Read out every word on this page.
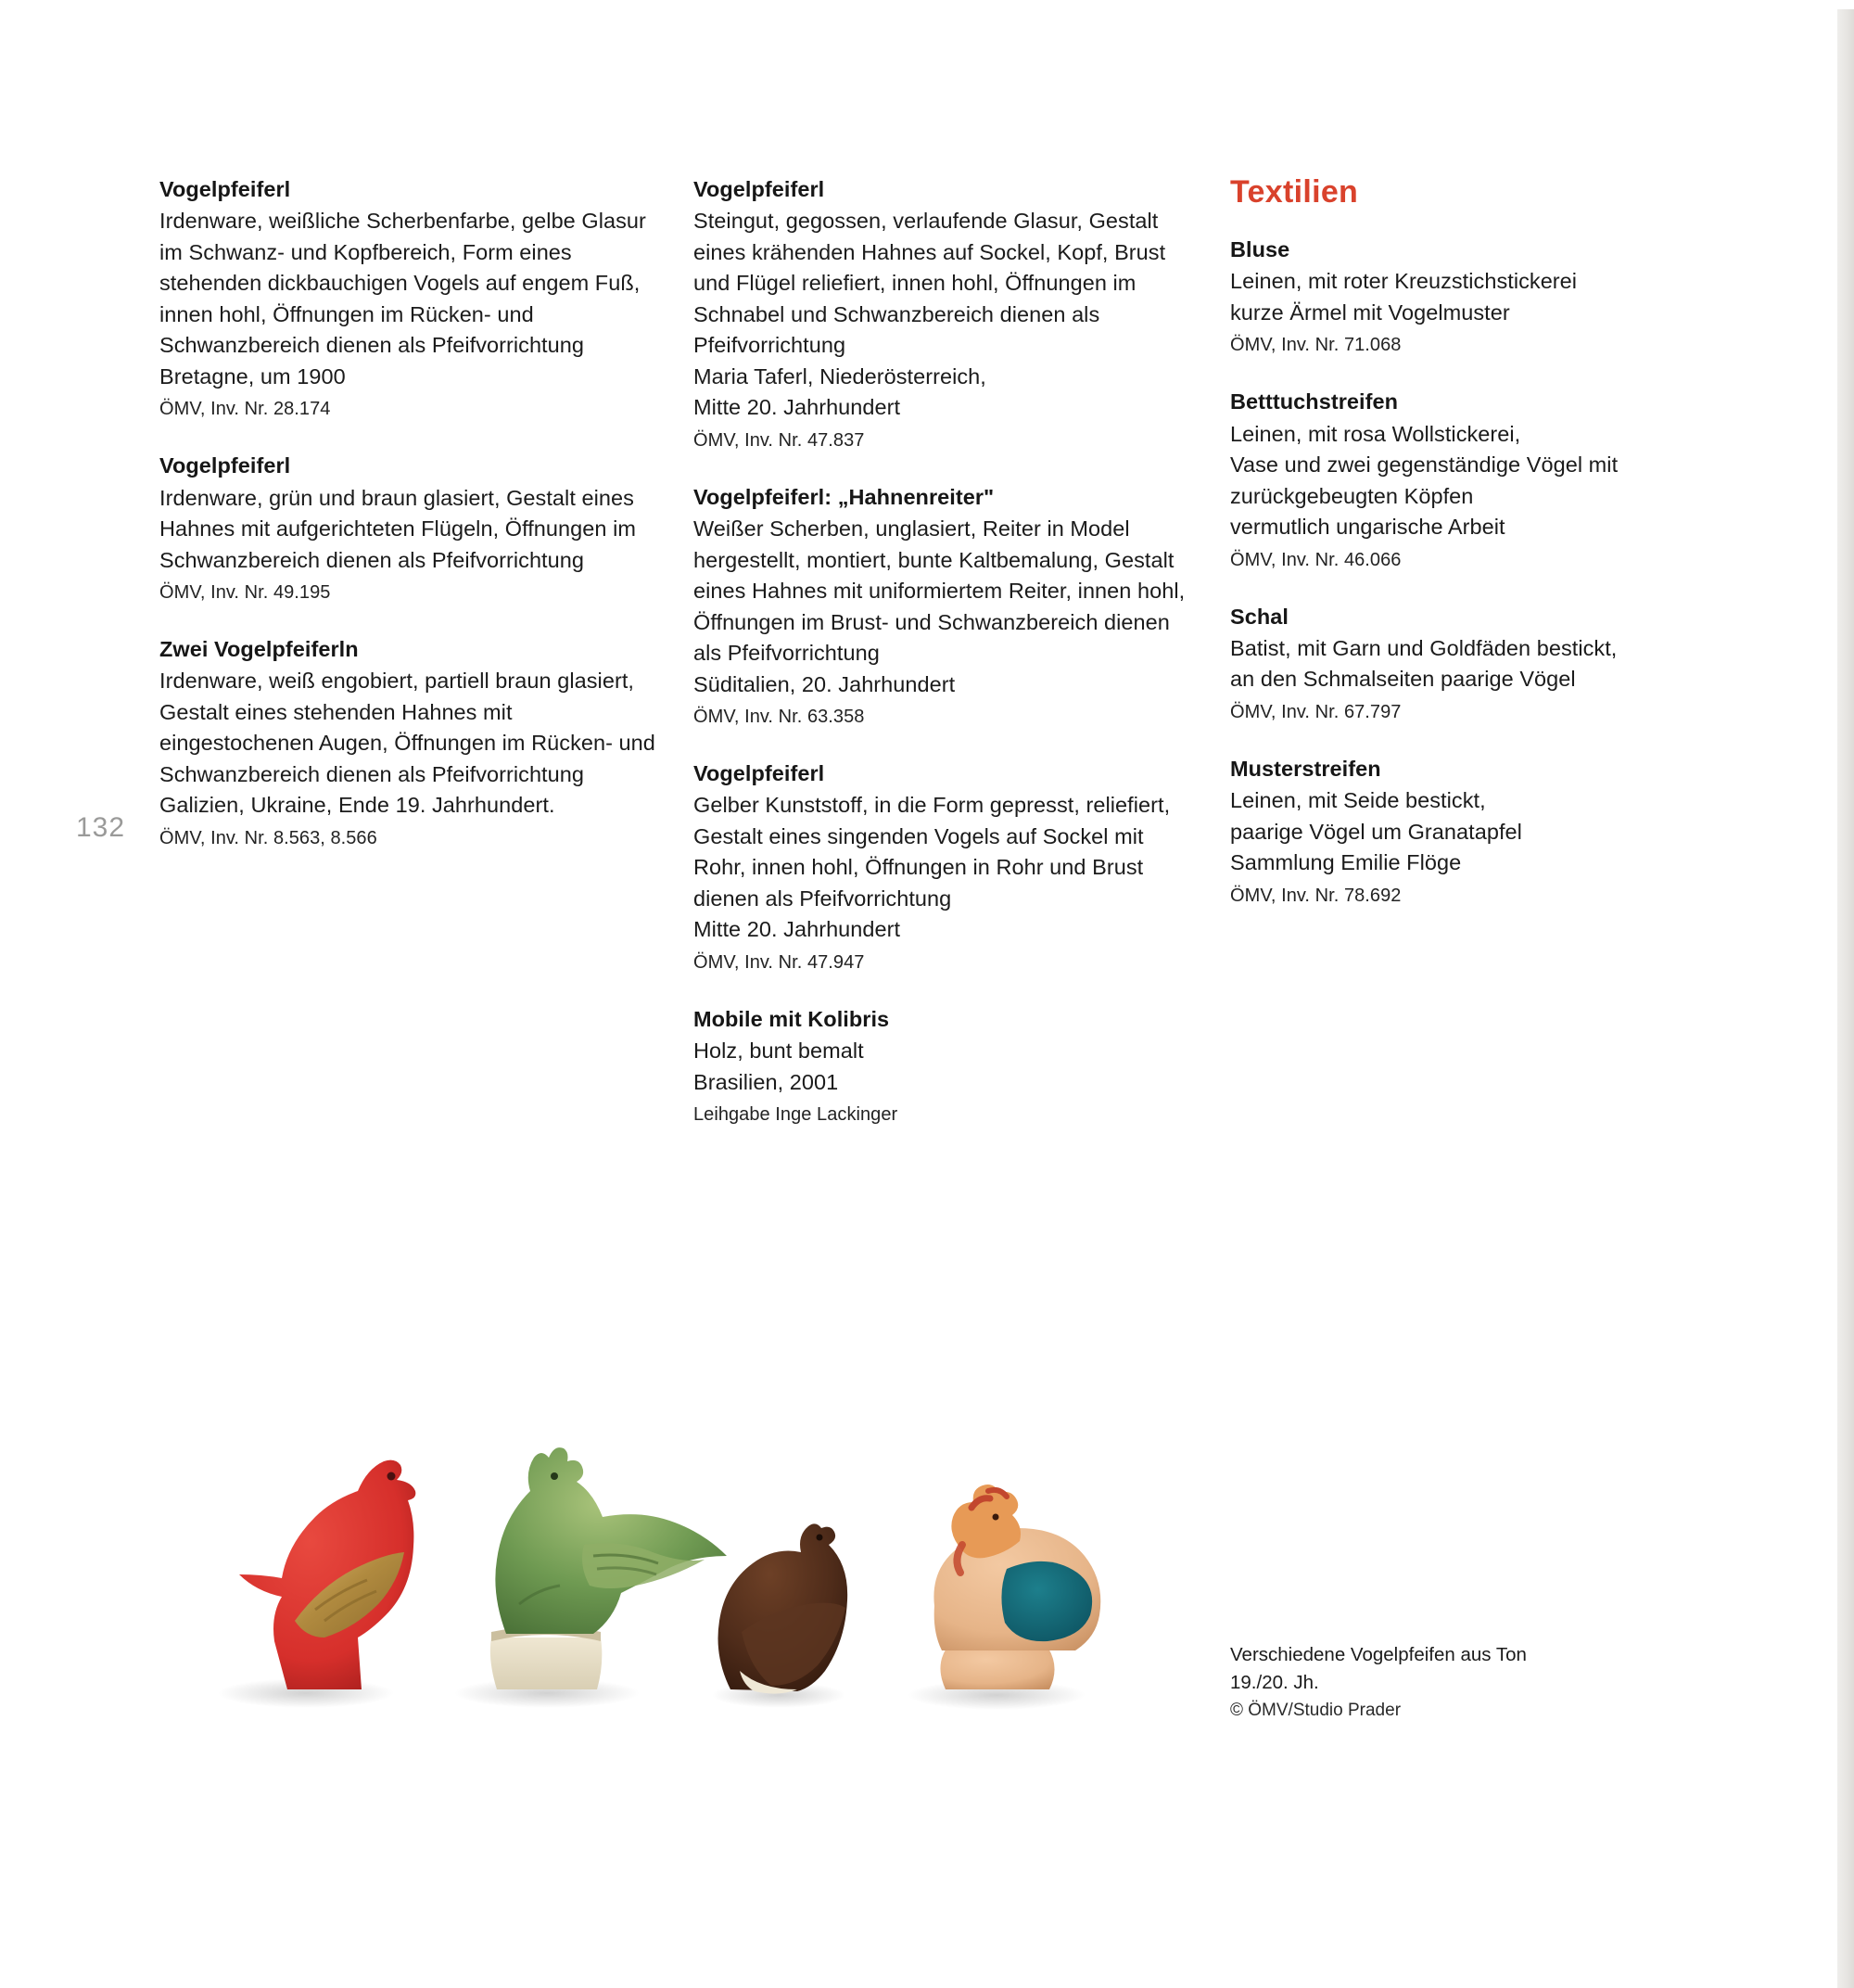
132

Vogelpfeiferl

Irdenware, weißliche Scherbenfarbe, gelbe Glasur im Schwanz- und Kopfbereich, Form eines stehenden dickbauchigen Vogels auf engem Fuß, innen hohl, Öffnungen im Rücken- und Schwanzbereich dienen als Pfeifvorrichtung
Bretagne, um 1900

ÖMV, Inv. Nr. 28.174

Vogelpfeiferl

Irdenware, grün und braun glasiert, Gestalt eines Hahnes mit aufgerichteten Flügeln, Öffnungen im Schwanzbereich dienen als Pfeifvorrichtung

ÖMV, Inv. Nr. 49.195

Zwei Vogelpfeiferln

Irdenware, weiß engobiert, partiell braun glasiert, Gestalt eines stehenden Hahnes mit eingestochenen Augen, Öffnungen im Rücken- und Schwanzbereich dienen als Pfeifvorrichtung
Galizien, Ukraine, Ende 19. Jahrhundert.

ÖMV, Inv. Nr. 8.563, 8.566

Vogelpfeiferl

Steingut, gegossen, verlaufende Glasur, Gestalt eines krähenden Hahnes auf Sockel, Kopf, Brust und Flügel reliefiert, innen hohl, Öffnungen im Schnabel und Schwanzbereich dienen als Pfeifvorrichtung
Maria Taferl, Niederösterreich,
Mitte 20. Jahrhundert

ÖMV, Inv. Nr. 47.837

Vogelpfeiferl: „Hahnenreiter"

Weißer Scherben, unglasiert, Reiter in Model hergestellt, montiert, bunte Kaltbemalung, Gestalt eines Hahnes mit uniformiertem Reiter, innen hohl, Öffnungen im Brust- und Schwanzbereich dienen als Pfeifvorrichtung
Süditalien, 20. Jahrhundert

ÖMV, Inv. Nr. 63.358

Vogelpfeiferl

Gelber Kunststoff, in die Form gepresst, reliefiert, Gestalt eines singenden Vogels auf Sockel mit Rohr, innen hohl, Öffnungen in Rohr und Brust dienen als Pfeifvorrichtung
Mitte 20. Jahrhundert

ÖMV, Inv. Nr. 47.947

Mobile mit Kolibris

Holz, bunt bemalt
Brasilien, 2001

Leihgabe Inge Lackinger

Textilien

Bluse

Leinen, mit roter Kreuzstichstickerei
kurze Ärmel mit Vogelmuster

ÖMV, Inv. Nr. 71.068

Betttuchstreifen

Leinen, mit rosa Wollstickerei,
Vase und zwei gegenständige Vögel mit zurückgebeugten Köpfen
vermutlich ungarische Arbeit

ÖMV, Inv. Nr. 46.066

Schal

Batist, mit Garn und Goldfäden bestickt,
an den Schmalseiten paarige Vögel

ÖMV, Inv. Nr. 67.797

Musterstreifen

Leinen, mit Seide bestickt,
paarige Vögel um Granatapfel
Sammlung Emilie Flöge

ÖMV, Inv. Nr. 78.692

Verschiedene Vogelpfeifen aus Ton
19./20. Jh.
© ÖMV/Studio Prader
